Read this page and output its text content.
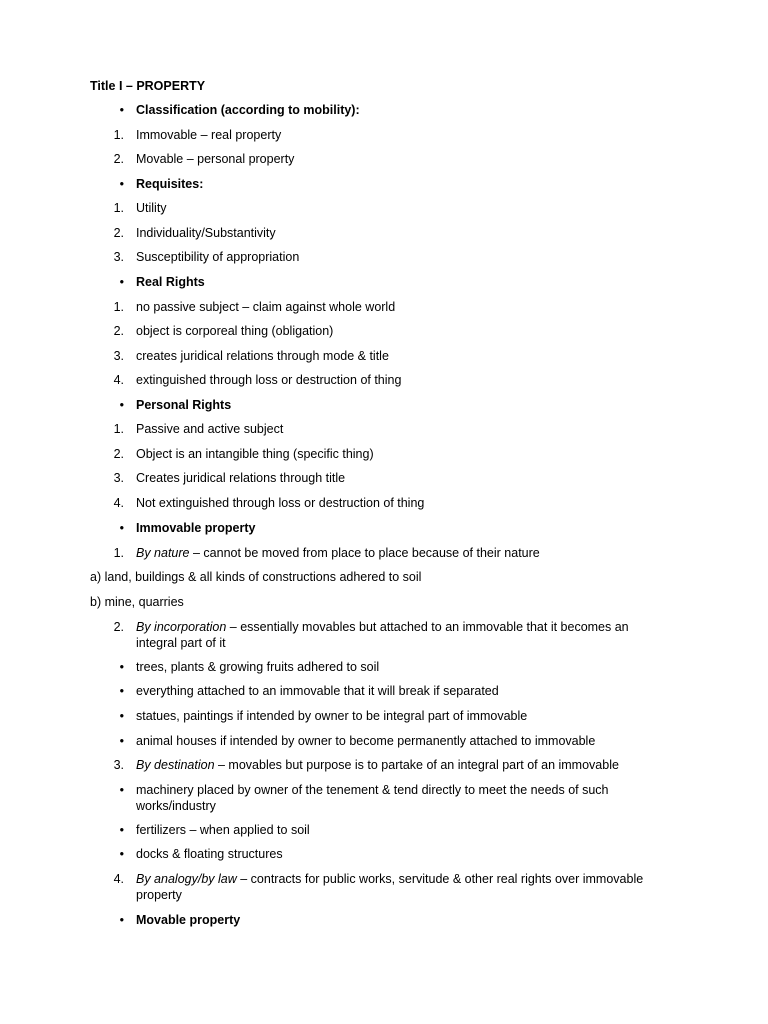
Title I – PROPERTY
• Classification (according to mobility):
1. Immovable – real property
2. Movable – personal property
• Requisites:
1. Utility
2. Individuality/Substantivity
3. Susceptibility of appropriation
• Real Rights
1. no passive subject – claim against whole world
2. object is corporeal thing (obligation)
3. creates juridical relations through mode & title
4. extinguished through loss or destruction of thing
• Personal Rights
1. Passive and active subject
2. Object is an intangible thing (specific thing)
3. Creates juridical relations through title
4. Not extinguished through loss or destruction of thing
• Immovable property
1. By nature – cannot be moved from place to place because of their nature
a) land, buildings & all kinds of constructions adhered to soil
b) mine, quarries
2. By incorporation – essentially movables but attached to an immovable that it becomes an integral part of it
• trees, plants & growing fruits adhered to soil
• everything attached to an immovable that it will break if separated
• statues, paintings if intended by owner to be integral part of immovable
• animal houses if intended by owner to become permanently attached to immovable
3. By destination – movables but purpose is to partake of an integral part of an immovable
• machinery placed by owner of the tenement & tend directly to meet the needs of such works/industry
• fertilizers – when applied to soil
• docks & floating structures
4. By analogy/by law – contracts for public works, servitude & other real rights over immovable property
• Movable property
